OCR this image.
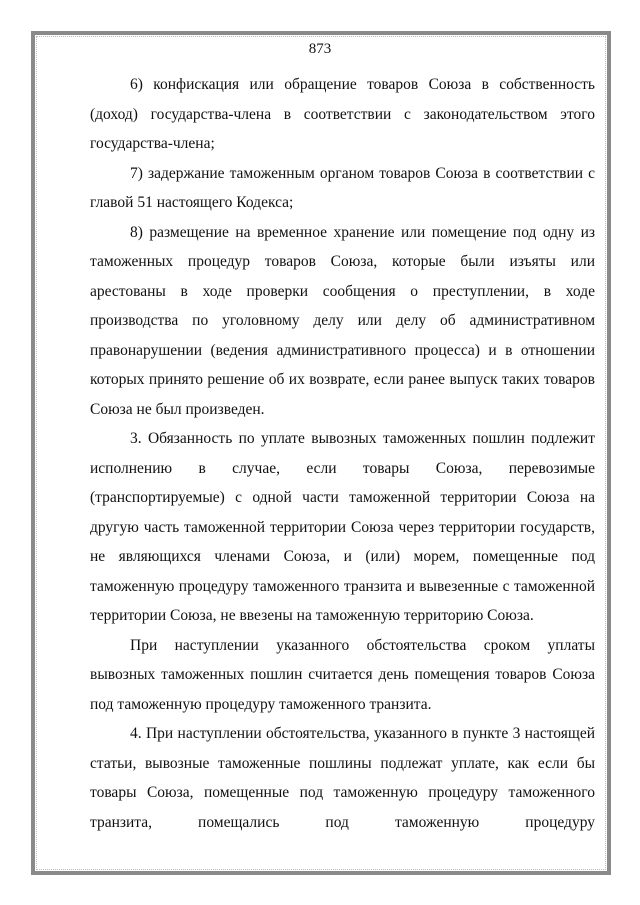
873

6) конфискация или обращение товаров Союза в собственность (доход) государства-члена в соответствии с законодательством этого государства-члена;

7) задержание таможенным органом товаров Союза в соответствии с главой 51 настоящего Кодекса;

8) размещение на временное хранение или помещение под одну из таможенных процедур товаров Союза, которые были изъяты или арестованы в ходе проверки сообщения о преступлении, в ходе производства по уголовному делу или делу об административном правонарушении (ведения административного процесса) и в отношении которых принято решение об их возврате, если ранее выпуск таких товаров Союза не был произведен.

3. Обязанность по уплате вывозных таможенных пошлин подлежит исполнению в случае, если товары Союза, перевозимые (транспортируемые) с одной части таможенной территории Союза на другую часть таможенной территории Союза через территории государств, не являющихся членами Союза, и (или) морем, помещенные под таможенную процедуру таможенного транзита и вывезенные с таможенной территории Союза, не ввезены на таможенную территорию Союза.

При наступлении указанного обстоятельства сроком уплаты вывозных таможенных пошлин считается день помещения товаров Союза под таможенную процедуру таможенного транзита.

4. При наступлении обстоятельства, указанного в пункте 3 настоящей статьи, вывозные таможенные пошлины подлежат уплате, как если бы товары Союза, помещенные под таможенную процедуру таможенного транзита, помещались под таможенную процедуру
